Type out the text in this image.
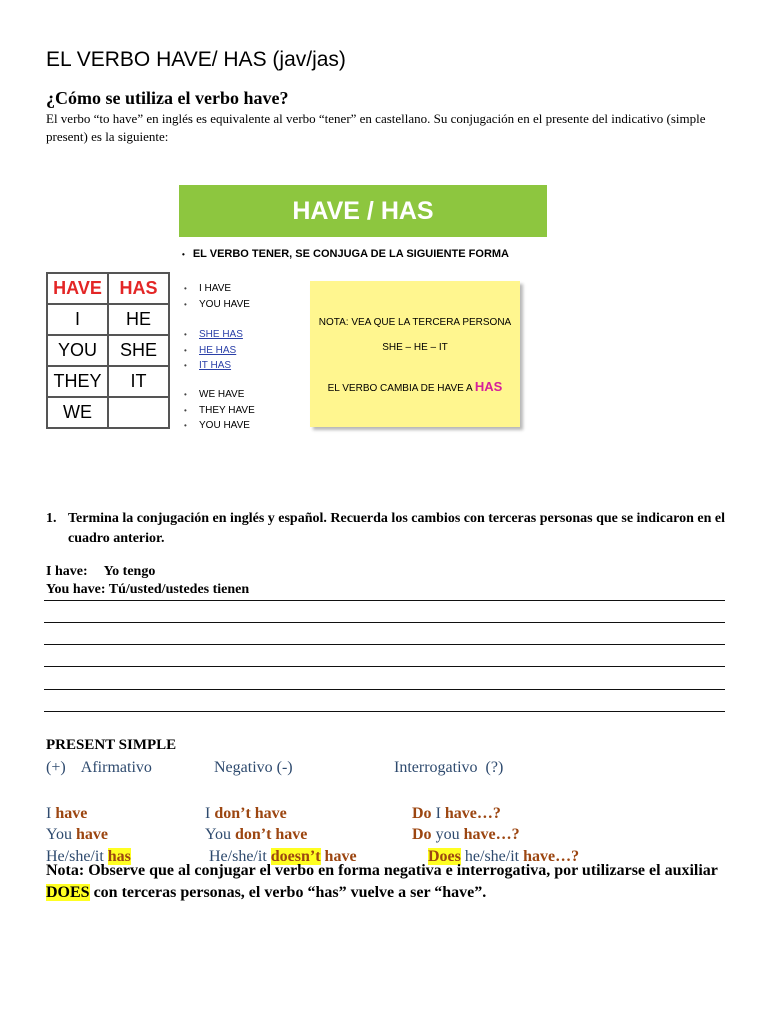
EL VERBO HAVE/ HAS (jav/jas)
¿Cómo se utiliza el verbo have?
El verbo “to have” en inglés es equivalente al verbo “tener” en castellano. Su conjugación en el presente del indicativo (simple present) es la siguiente:
HAVE / HAS
• EL VERBO TENER, SE CONJUGA DE LA SIGUIENTE FORMA
HAVE	HAS
I	HE
YOU	SHE
THEY	IT
WE	
• I HAVE
• YOU HAVE
• SHE HAS
• HE HAS
• IT HAS
• WE HAVE
• THEY HAVE
• YOU HAVE

NOTA: VEA QUE LA TERCERA PERSONA

SHE – HE – IT

EL VERBO CAMBIA DE HAVE A HAS

1. Termina la conjugación en inglés y español. Recuerda los cambios con terceras personas que se indicaron en el cuadro anterior.
I have: Yo tengo
You have: Tú/usted/ustedes tienen
PRESENT SIMPLE
(+)    Afirmativo	Negativo (-)	Interrogativo  (?)
I have	I don’t have	Do I have…?
You have	You don’t have	Do you have…?
He/she/it has	He/she/it doesn’t have	Does he/she/it have…?
Nota: Observe que al conjugar el verbo en forma negativa e interrogativa, por utilizarse el auxiliar DOES con terceras personas, el verbo “has” vuelve a ser “have”.
